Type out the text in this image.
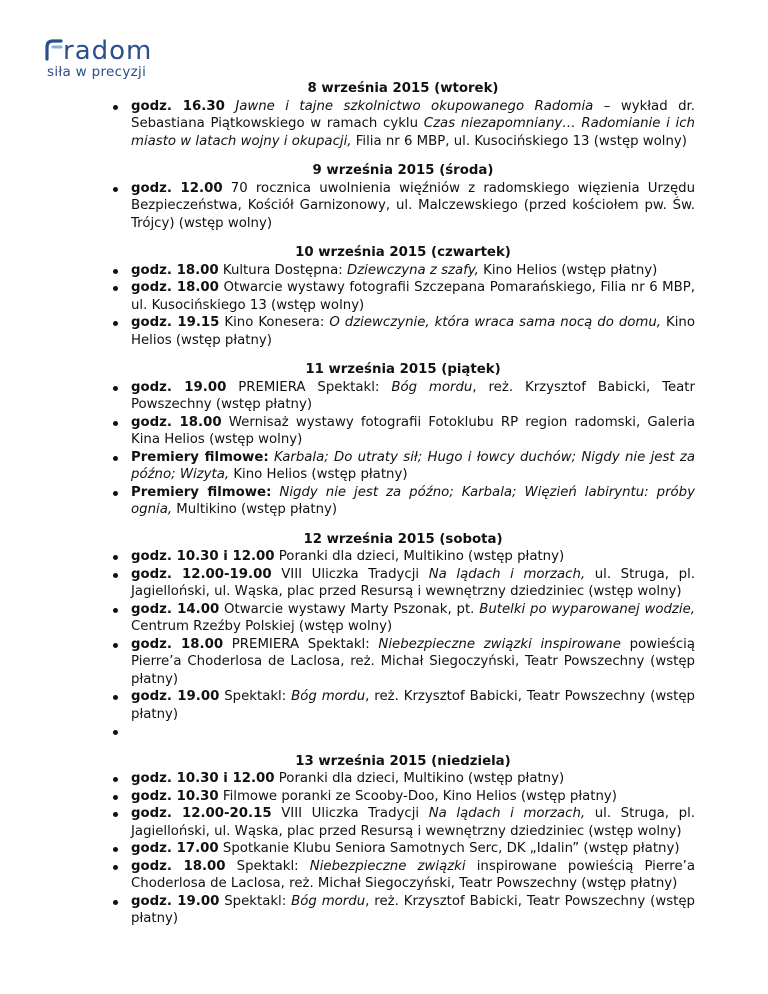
radom
siła w precyzji
8 września 2015 (wtorek)
godz. 16.30 Jawne i tajne szkolnictwo okupowanego Radomia – wykład dr. Sebastiana Piątkowskiego w ramach cyklu Czas niezapomniany… Radomianie i ich miasto w latach wojny i okupacji, Filia nr 6 MBP, ul. Kusocińskiego 13 (wstęp wolny)
9 września 2015 (środa)
godz. 12.00 70 rocznica uwolnienia więźniów z radomskiego więzienia Urzędu Bezpieczeństwa, Kościół Garnizonowy, ul. Malczewskiego (przed kościołem pw. Św. Trójcy) (wstęp wolny)
10 września 2015 (czwartek)
godz. 18.00 Kultura Dostępna: Dziewczyna z szafy, Kino Helios (wstęp płatny)
godz. 18.00 Otwarcie wystawy fotografii Szczepana Pomarańskiego, Filia nr 6 MBP, ul. Kusocińskiego 13 (wstęp wolny)
godz. 19.15 Kino Konesera: O dziewczynie, która wraca sama nocą do domu, Kino Helios (wstęp płatny)
11 września 2015 (piątek)
godz. 19.00 PREMIERA Spektakl: Bóg mordu, reż. Krzysztof Babicki, Teatr Powszechny (wstęp płatny)
godz. 18.00 Wernisaż wystawy fotografii Fotoklubu RP region radomski, Galeria Kina Helios (wstęp wolny)
Premiery filmowe: Karbala; Do utraty sił; Hugo i łowcy duchów; Nigdy nie jest za późno; Wizyta, Kino Helios (wstęp płatny)
Premiery filmowe: Nigdy nie jest za późno; Karbala; Więzień labiryntu: próby ognia, Multikino (wstęp płatny)
12 września 2015 (sobota)
godz. 10.30 i 12.00 Poranki dla dzieci, Multikino (wstęp płatny)
godz. 12.00-19.00 VIII Uliczka Tradycji Na lądach i morzach, ul. Struga, pl. Jagielloński, ul. Wąska, plac przed Resursą i wewnętrzny dziedziniec (wstęp wolny)
godz. 14.00 Otwarcie wystawy Marty Pszonak, pt. Butelki po wyparowanej wodzie, Centrum Rzeźby Polskiej (wstęp wolny)
godz. 18.00 PREMIERA Spektakl: Niebezpieczne związki inspirowane powieścią Pierre’a Choderlosa de Laclosa, reż. Michał Siegoczyński, Teatr Powszechny (wstęp płatny)
godz. 19.00 Spektakl: Bóg mordu, reż. Krzysztof Babicki, Teatr Powszechny (wstęp płatny)
13 września 2015 (niedziela)
godz. 10.30 i 12.00 Poranki dla dzieci, Multikino (wstęp płatny)
godz. 10.30 Filmowe poranki ze Scooby-Doo, Kino Helios (wstęp płatny)
godz. 12.00-20.15 VIII Uliczka Tradycji Na lądach i morzach, ul. Struga, pl. Jagielloński, ul. Wąska, plac przed Resursą i wewnętrzny dziedziniec (wstęp wolny)
godz. 17.00 Spotkanie Klubu Seniora Samotnych Serc, DK „Idalin” (wstęp płatny)
godz. 18.00 Spektakl: Niebezpieczne związki inspirowane powieścią Pierre’a Choderlosa de Laclosa, reż. Michał Siegoczyński, Teatr Powszechny (wstęp płatny)
godz. 19.00 Spektakl: Bóg mordu, reż. Krzysztof Babicki, Teatr Powszechny (wstęp płatny)
